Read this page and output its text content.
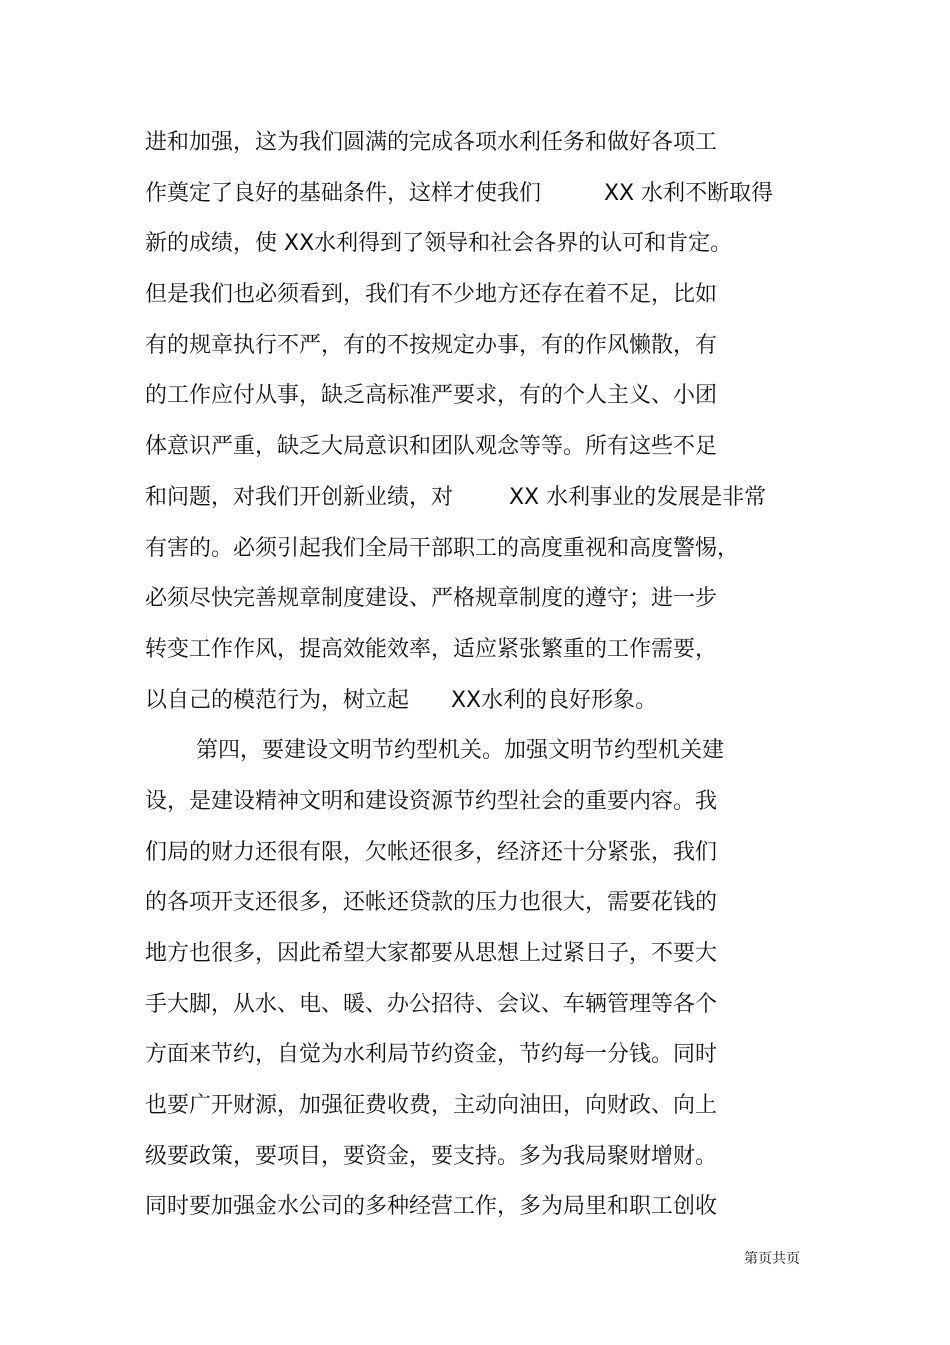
进和加强，这为我们圆满的完成各项水利任务和做好各项工
作奠定了良好的基础条件，这样才使我们         XX 水利不断取得
新的成绩，使 XX水利得到了领导和社会各界的认可和肯定。
但是我们也必须看到，我们有不少地方还存在着不足，比如
有的规章执行不严，有的不按规定办事，有的作风懒散，有
的工作应付从事，缺乏高标准严要求，有的个人主义、小团
体意识严重，缺乏大局意识和团队观念等等。所有这些不足
和问题，对我们开创新业绩，对        XX 水利事业的发展是非常
有害的。必须引起我们全局干部职工的高度重视和高度警惕，
必须尽快完善规章制度建设、严格规章制度的遵守；进一步
转变工作作风，提高效能效率，适应紧张繁重的工作需要，
以自己的模范行为，树立起      XX水利的良好形象。
第四，要建设文明节约型机关。加强文明节约型机关建
设，是建设精神文明和建设资源节约型社会的重要内容。我
们局的财力还很有限，欠帐还很多，经济还十分紧张，我们
的各项开支还很多，还帐还贷款的压力也很大，需要花钱的
地方也很多，因此希望大家都要从思想上过紧日子，不要大
手大脚，从水、电、暖、办公招待、会议、车辆管理等各个
方面来节约，自觉为水利局节约资金，节约每一分钱。同时
也要广开财源，加强征费收费，主动向油田，向财政、向上
级要政策，要项目，要资金，要支持。多为我局聚财增财。
同时要加强金水公司的多种经营工作，多为局里和职工创收
第页共页
